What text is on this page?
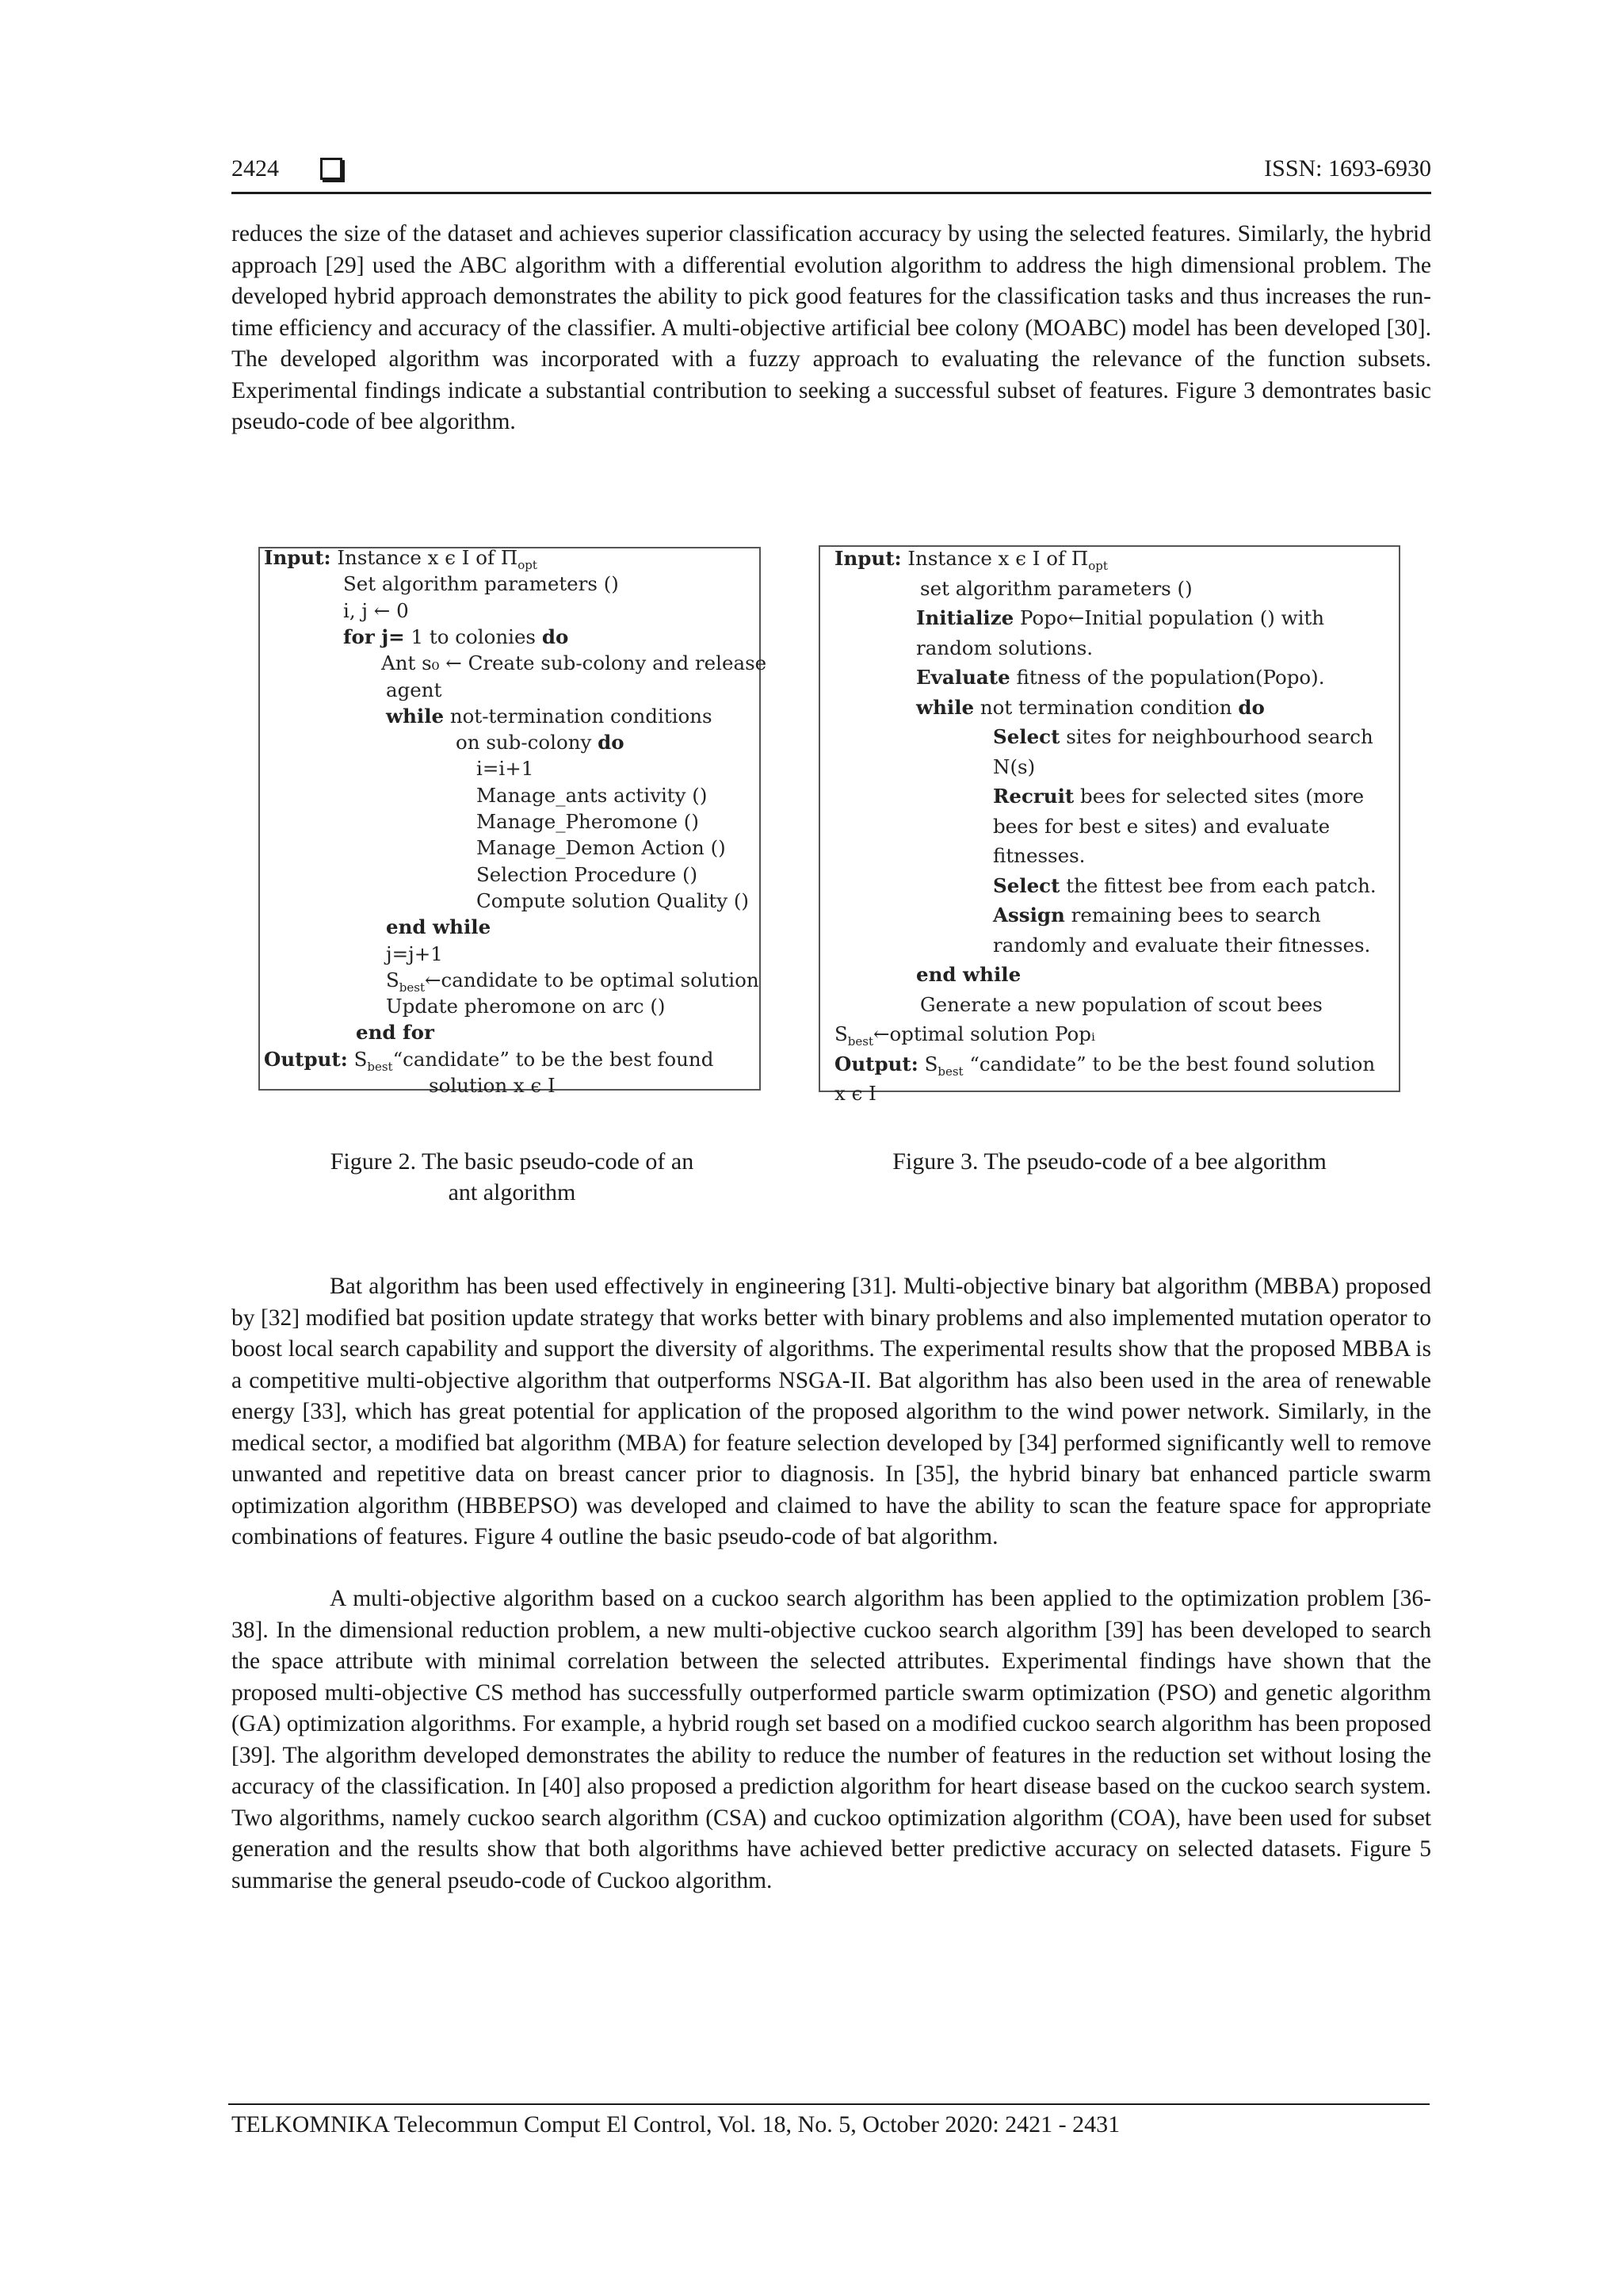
2424	ISSN: 1693-6930

reduces the size of the dataset and achieves superior classification accuracy by using the selected features. Similarly, the hybrid approach [29] used the ABC algorithm with a differential evolution algorithm to address the high dimensional problem. The developed hybrid approach demonstrates the ability to pick good features for the classification tasks and thus increases the run-time efficiency and accuracy of the classifier. A multi-objective artificial bee colony (MOABC) model has been developed [30]. The developed algorithm was incorporated with a fuzzy approach to evaluating the relevance of the function subsets. Experimental findings indicate a substantial contribution to seeking a successful subset of features. Figure 3 demontrates basic pseudo-code of bee algorithm.

Input: Instance x ϵ I of $\Pi_{opt}$
Set algorithm parameters ()
i, j ← 0
for j= 1 to colonies do
Ant s₀ ← Create sub-colony and release
agent
while not-termination conditions
on sub-colony do
i=i+1
Manage_ants activity ()
Manage_Pheromone ()
Manage_Demon Action ()
Selection Procedure ()
Compute solution Quality ()
end while
j=j+1
$S_{best}\leftarrow candidate$ to be optimal solution
Update pheromone on arc ()
end for
Output: $S_{best}“candidate$” to be the best found
solution x ϵ I
Input: Instance x ϵ I of $\Pi_{opt}$
set algorithm parameters ()
Initialize Popo←Initial population () with
random solutions.
Evaluate fitness of the population(Popo).
while not termination condition do
Select sites for neighbourhood search
N(s)
Recruit bees for selected sites (more
bees for best e sites) and evaluate
fitnesses.
Select the fittest bee from each patch.
Assign remaining bees to search
randomly and evaluate their fitnesses.
end while
Generate a new population of scout bees
$S_{best}\leftarrow optimal$ solution Popᵢ
Output: $S_{best}$ “candidate” to be the best found solution
x ϵ I
Figure 2. The basic pseudo-code of an ant algorithm
Figure 3. The pseudo-code of a bee algorithm

Bat algorithm has been used effectively in engineering [31]. Multi-objective binary bat algorithm (MBBA) proposed by [32] modified bat position update strategy that works better with binary problems and also implemented mutation operator to boost local search capability and support the diversity of algorithms. The experimental results show that the proposed MBBA is a competitive multi-objective algorithm that outperforms NSGA-II. Bat algorithm has also been used in the area of renewable energy [33], which has great potential for application of the proposed algorithm to the wind power network. Similarly, in the medical sector, a modified bat algorithm (MBA) for feature selection developed by [34] performed significantly well to remove unwanted and repetitive data on breast cancer prior to diagnosis. In [35], the hybrid binary bat enhanced particle swarm optimization algorithm (HBBEPSO) was developed and claimed to have the ability to scan the feature space for appropriate combinations of features. Figure 4 outline the basic pseudo-code of bat algorithm.

A multi-objective algorithm based on a cuckoo search algorithm has been applied to the optimization problem [36-38]. In the dimensional reduction problem, a new multi-objective cuckoo search algorithm [39] has been developed to search the space attribute with minimal correlation between the selected attributes. Experimental findings have shown that the proposed multi-objective CS method has successfully outperformed particle swarm optimization (PSO) and genetic algorithm (GA) optimization algorithms. For example, a hybrid rough set based on a modified cuckoo search algorithm has been proposed [39]. The algorithm developed demonstrates the ability to reduce the number of features in the reduction set without losing the accuracy of the classification. In [40] also proposed a prediction algorithm for heart disease based on the cuckoo search system. Two algorithms, namely cuckoo search algorithm (CSA) and cuckoo optimization algorithm (COA), have been used for subset generation and the results show that both algorithms have achieved better predictive accuracy on selected datasets. Figure 5 summarise the general pseudo-code of Cuckoo algorithm.

TELKOMNIKA Telecommun Comput El Control, Vol. 18, No. 5, October 2020: 2421 - 2431
